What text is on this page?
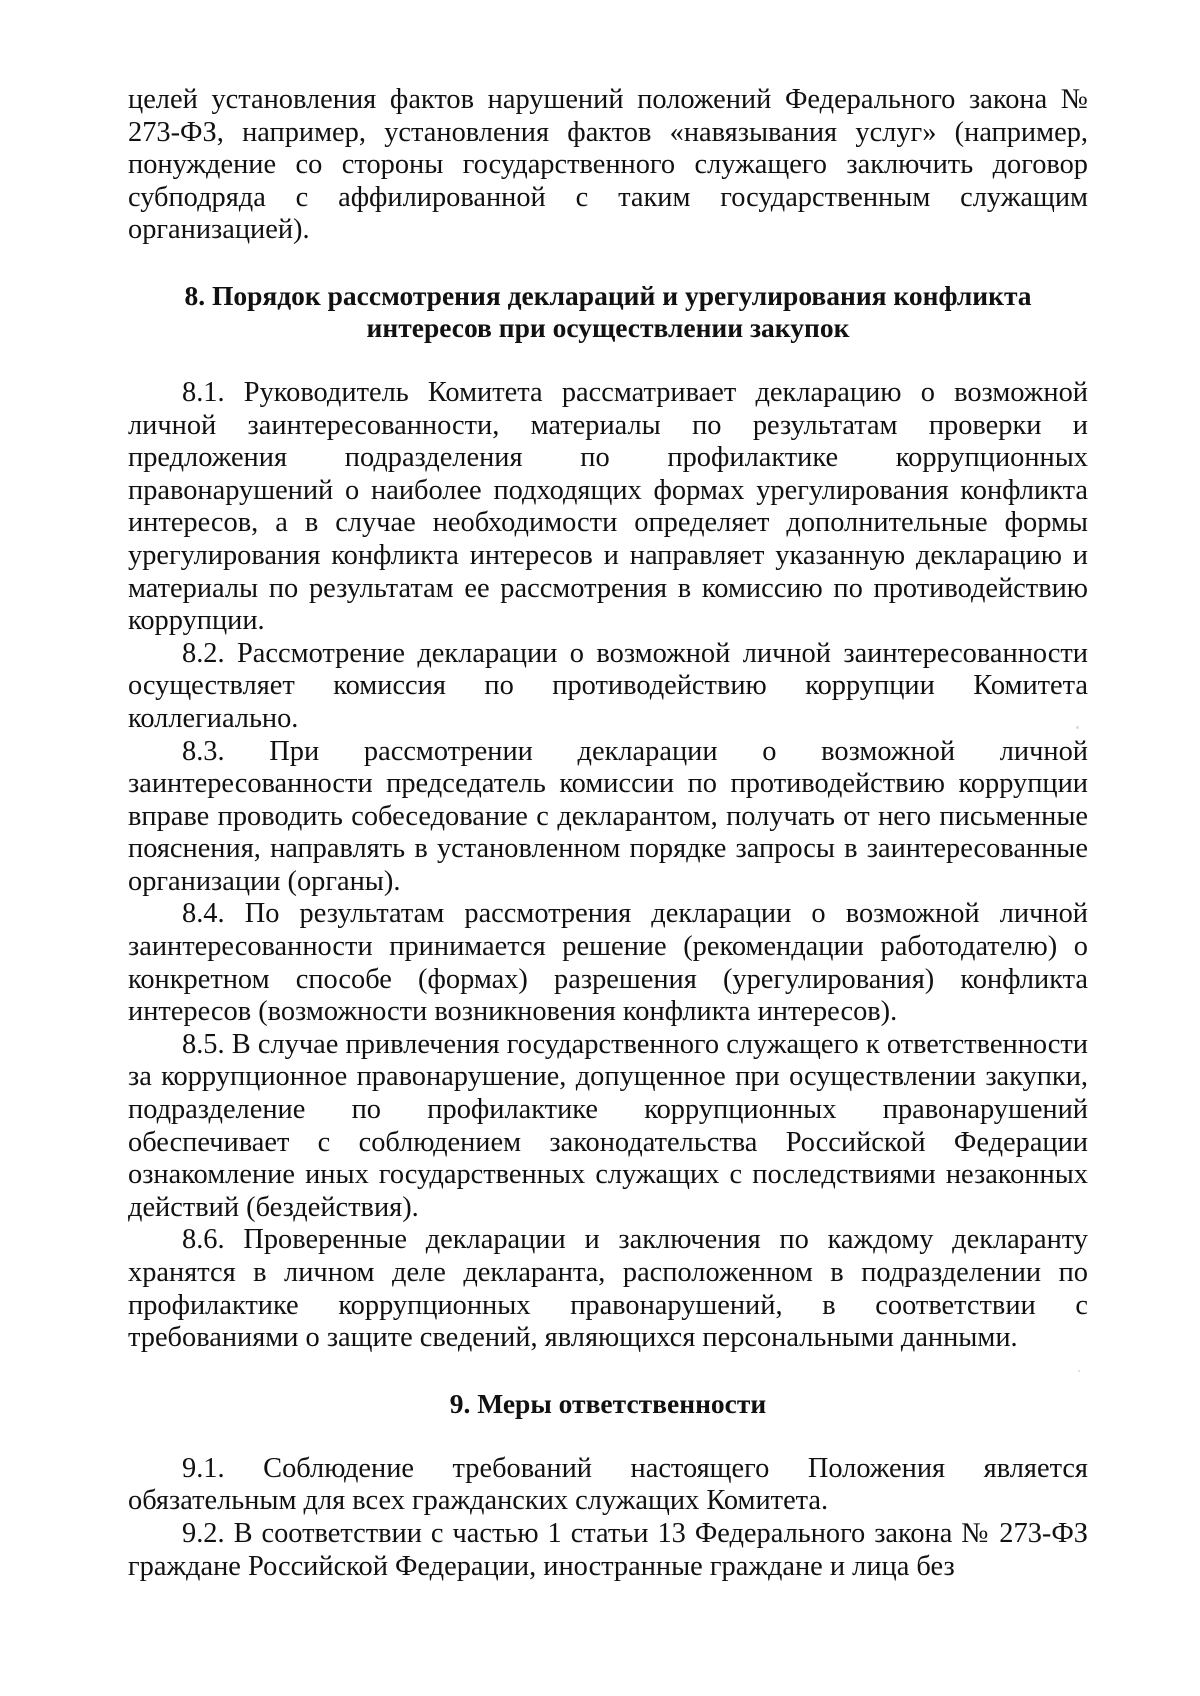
целей установления фактов нарушений положений Федерального закона № 273-ФЗ, например, установления фактов «навязывания услуг» (например, понуждение со стороны государственного служащего заключить договор субподряда с аффилированной с таким государственным служащим организацией).

8. Порядок рассмотрения деклараций и урегулирования конфликта

интересов при осуществлении закупок

8.1. Руководитель Комитета рассматривает декларацию о возможной личной заинтересованности, материалы по результатам проверки и предложения подразделения по профилактике коррупционных правонарушений о наиболее подходящих формах урегулирования конфликта интересов, а в случае необходимости определяет дополнительные формы урегулирования конфликта интересов и направляет указанную декларацию и материалы по результатам ее рассмотрения в комиссию по противодействию коррупции.

8.2. Рассмотрение декларации о возможной личной заинтересованности осуществляет комиссия по противодействию коррупции Комитета коллегиально.

8.3. При рассмотрении декларации о возможной личной заинтересованности председатель комиссии по противодействию коррупции вправе проводить собеседование с декларантом, получать от него письменные пояснения, направлять в установленном порядке запросы в заинтересованные организации (органы).

8.4. По результатам рассмотрения декларации о возможной личной заинтересованности принимается решение (рекомендации работодателю) о конкретном способе (формах) разрешения (урегулирования) конфликта интересов (возможности возникновения конфликта интересов).

8.5. В случае привлечения государственного служащего к ответственности за коррупционное правонарушение, допущенное при осуществлении закупки, подразделение по профилактике коррупционных правонарушений обеспечивает с соблюдением законодательства Российской Федерации ознакомление иных государственных служащих с последствиями незаконных действий (бездействия).

8.6. Проверенные декларации и заключения по каждому декларанту хранятся в личном деле декларанта, расположенном в подразделении по профилактике коррупционных правонарушений, в соответствии с требованиями о защите сведений, являющихся персональными данными.

9. Меры ответственности

9.1. Соблюдение требований настоящего Положения является обязательным для всех гражданских служащих Комитета.

9.2. В соответствии с частью 1 статьи 13 Федерального закона № 273-ФЗ граждане Российской Федерации, иностранные граждане и лица без
